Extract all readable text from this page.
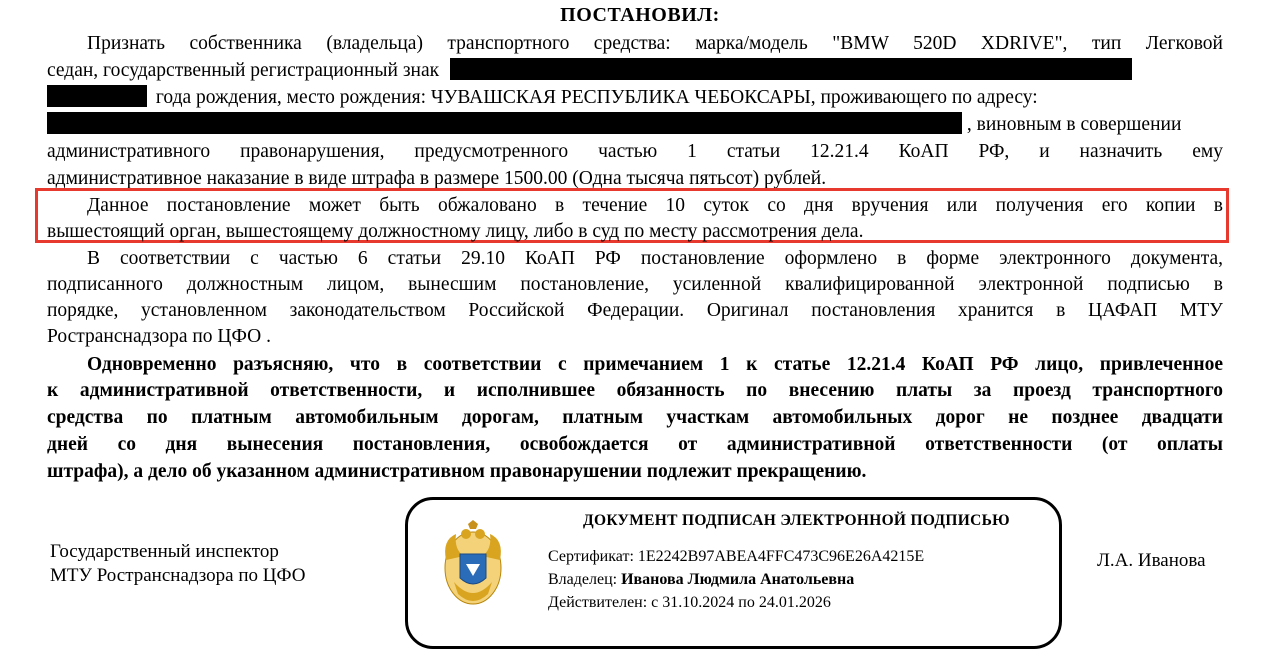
ПОСТАНОВИЛ:
Признать собственника (владельца) транспортного средства: марка/модель "BMW 520D XDRIVE", тип Легковой
седан, государственный регистрационный знак
года рождения, место рождения: ЧУВАШСКАЯ РЕСПУБЛИКА ЧЕБОКСАРЫ, проживающего по адресу:
, виновным в совершении
административного правонарушения, предусмотренного частью 1 статьи 12.21.4 КоАП РФ, и назначить ему
административное наказание в виде штрафа в размере 1500.00 (Одна тысяча пятьсот) рублей.
Данное постановление может быть обжаловано в течение 10 суток со дня вручения или получения его копии в
вышестоящий орган, вышестоящему должностному лицу, либо в суд по месту рассмотрения дела.
В соответствии с частью 6 статьи 29.10 КоАП РФ постановление оформлено в форме электронного документа,
подписанного должностным лицом, вынесшим постановление, усиленной квалифицированной электронной подписью в
порядке, установленном законодательством Российской Федерации. Оригинал постановления хранится в ЦАФАП МТУ
Ространснадзора по ЦФО .
Одновременно разъясняю, что в соответствии с примечанием 1 к статье 12.21.4 КоАП РФ лицо, привлеченное
к административной ответственности, и исполнившее обязанность по внесению платы за проезд транспортного
средства по платным автомобильным дорогам, платным участкам автомобильных дорог не позднее двадцати
дней со дня вынесения постановления, освобождается от административной ответственности (от оплаты
штрафа), а дело об указанном административном правонарушении подлежит прекращению.
Государственный инспектор
МТУ Ространснадзора по ЦФО
ДОКУМЕНТ ПОДПИСАН ЭЛЕКТРОННОЙ ПОДПИСЬЮ
Сертификат: 1E2242B97ABEA4FFC473C96E26A4215E
Владелец: Иванова Людмила Анатольевна
Действителен: с 31.10.2024 по 24.01.2026
Л.А. Иванова
